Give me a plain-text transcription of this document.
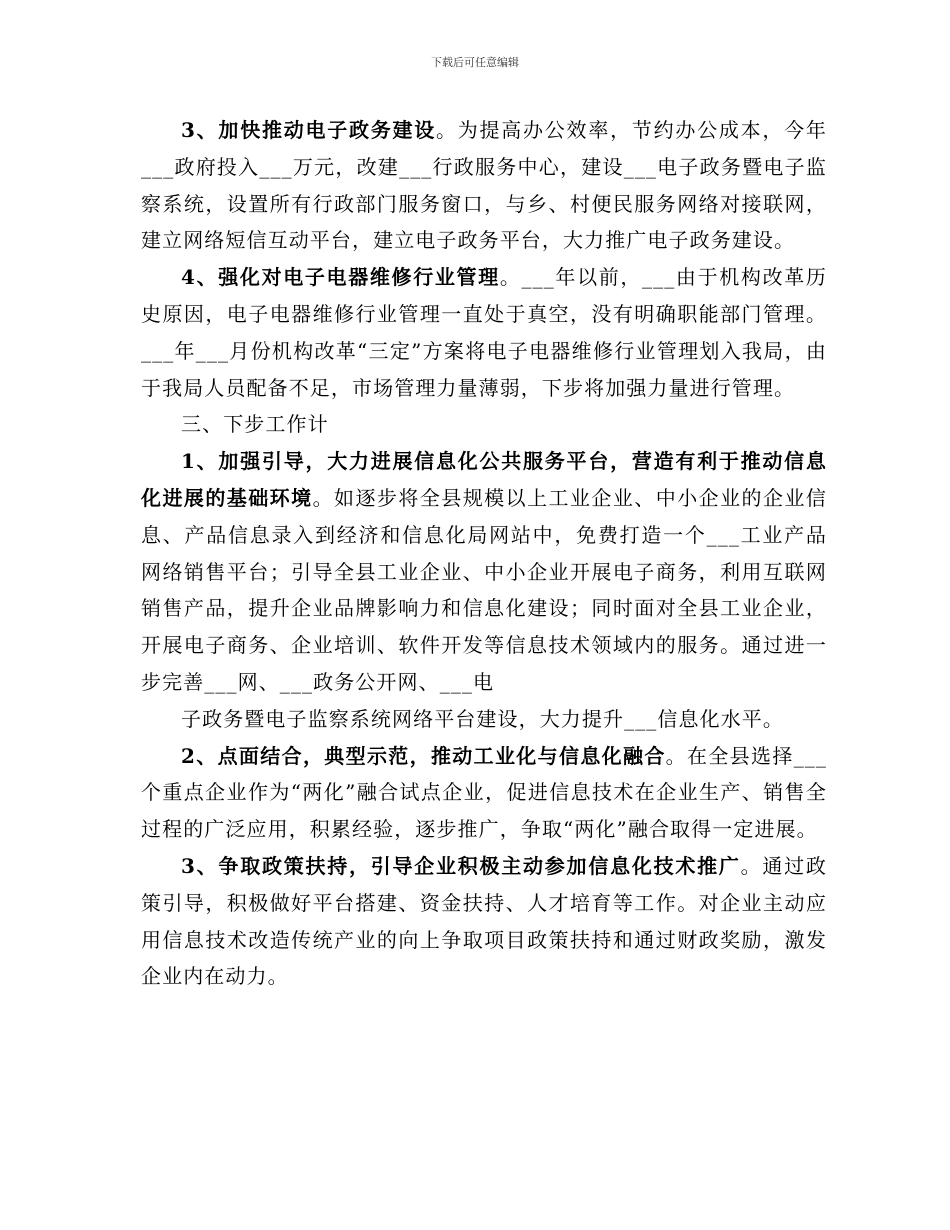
下载后可任意编辑

3、加快推动电子政务建设。为提高办公效率，节约办公成本，今年___政府投入___万元，改建___行政服务中心，建设___电子政务暨电子监察系统，设置所有行政部门服务窗口，与乡、村便民服务网络对接联网，建立网络短信互动平台，建立电子政务平台，大力推广电子政务建设。

4、强化对电子电器维修行业管理。___年以前，___由于机构改革历史原因，电子电器维修行业管理一直处于真空，没有明确职能部门管理。___年___月份机构改革“三定”方案将电子电器维修行业管理划入我局，由于我局人员配备不足，市场管理力量薄弱，下步将加强力量进行管理。

三、下步工作计

1、加强引导，大力进展信息化公共服务平台，营造有利于推动信息化进展的基础环境。如逐步将全县规模以上工业企业、中小企业的企业信息、产品信息录入到经济和信息化局网站中，免费打造一个___工业产品网络销售平台；引导全县工业企业、中小企业开展电子商务，利用互联网销售产品，提升企业品牌影响力和信息化建设；同时面对全县工业企业，开展电子商务、企业培训、软件开发等信息技术领域内的服务。通过进一步完善___网、___政务公开网、___电

子政务暨电子监察系统网络平台建设，大力提升___信息化水平。

2、点面结合，典型示范，推动工业化与信息化融合。在全县选择___个重点企业作为“两化”融合试点企业，促进信息技术在企业生产、销售全过程的广泛应用，积累经验，逐步推广，争取“两化”融合取得一定进展。

3、争取政策扶持，引导企业积极主动参加信息化技术推广。通过政策引导，积极做好平台搭建、资金扶持、人才培育等工作。对企业主动应用信息技术改造传统产业的向上争取项目政策扶持和通过财政奖励，激发企业内在动力。
